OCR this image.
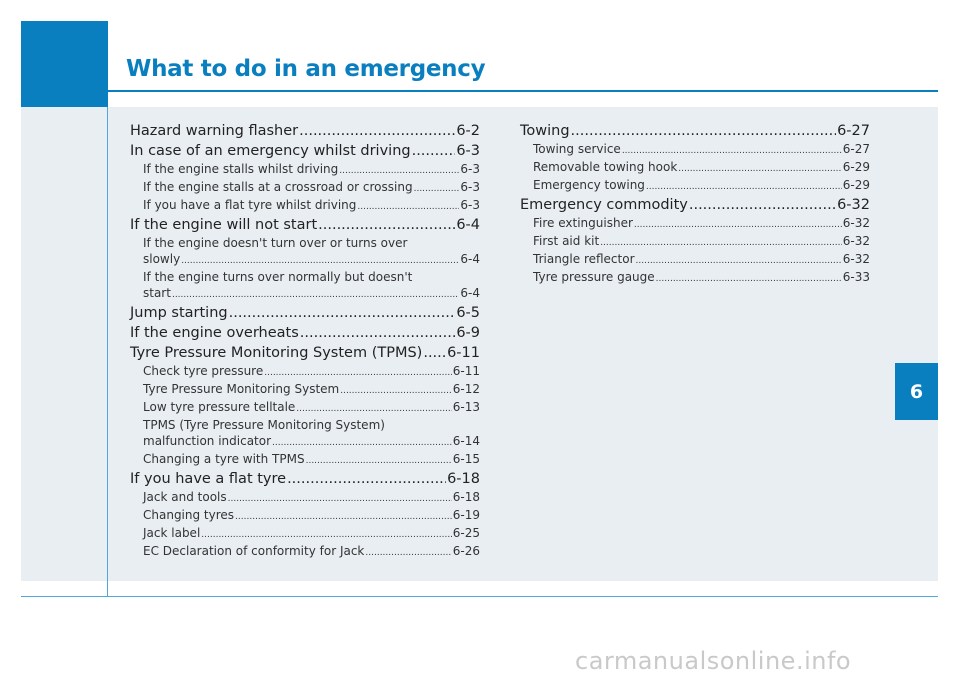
What to do in an emergency
6
Hazard warning flasher .....	6-2
In case of an emergency whilst driving .....	6-3
If the engine stalls whilst driving .....	6-3
If the engine stalls at a crossroad or crossing .....	6-3
If you have a flat tyre whilst driving .....	6-3
If the engine will not start .....	6-4
If the engine doesn't turn over or turns over
slowly .....	6-4
If the engine turns over normally but doesn't
start .....	6-4
Jump starting .....	6-5
If the engine overheats .....	6-9
Tyre Pressure Monitoring System (TPMS) ..... 6-11
Check tyre pressure .....	6-11
Tyre Pressure Monitoring System .....	6-12
Low tyre pressure telltale .....	6-13
TPMS (Tyre Pressure Monitoring System)
malfunction indicator .....	6-14
Changing a tyre with TPMS .....	6-15
If you have a flat tyre .....	6-18
Jack and tools .....	6-18
Changing tyres .....	6-19
Jack label .....	6-25
EC Declaration of conformity for Jack .....	6-26
Towing .....	6-27
Towing service .....	6-27
Removable towing hook .....	6-29
Emergency towing .....	6-29
Emergency commodity .....	6-32
Fire extinguisher .....	6-32
First aid kit .....	6-32
Triangle reflector .....	6-32
Tyre pressure gauge .....	6-33
carmanualsonline.info
